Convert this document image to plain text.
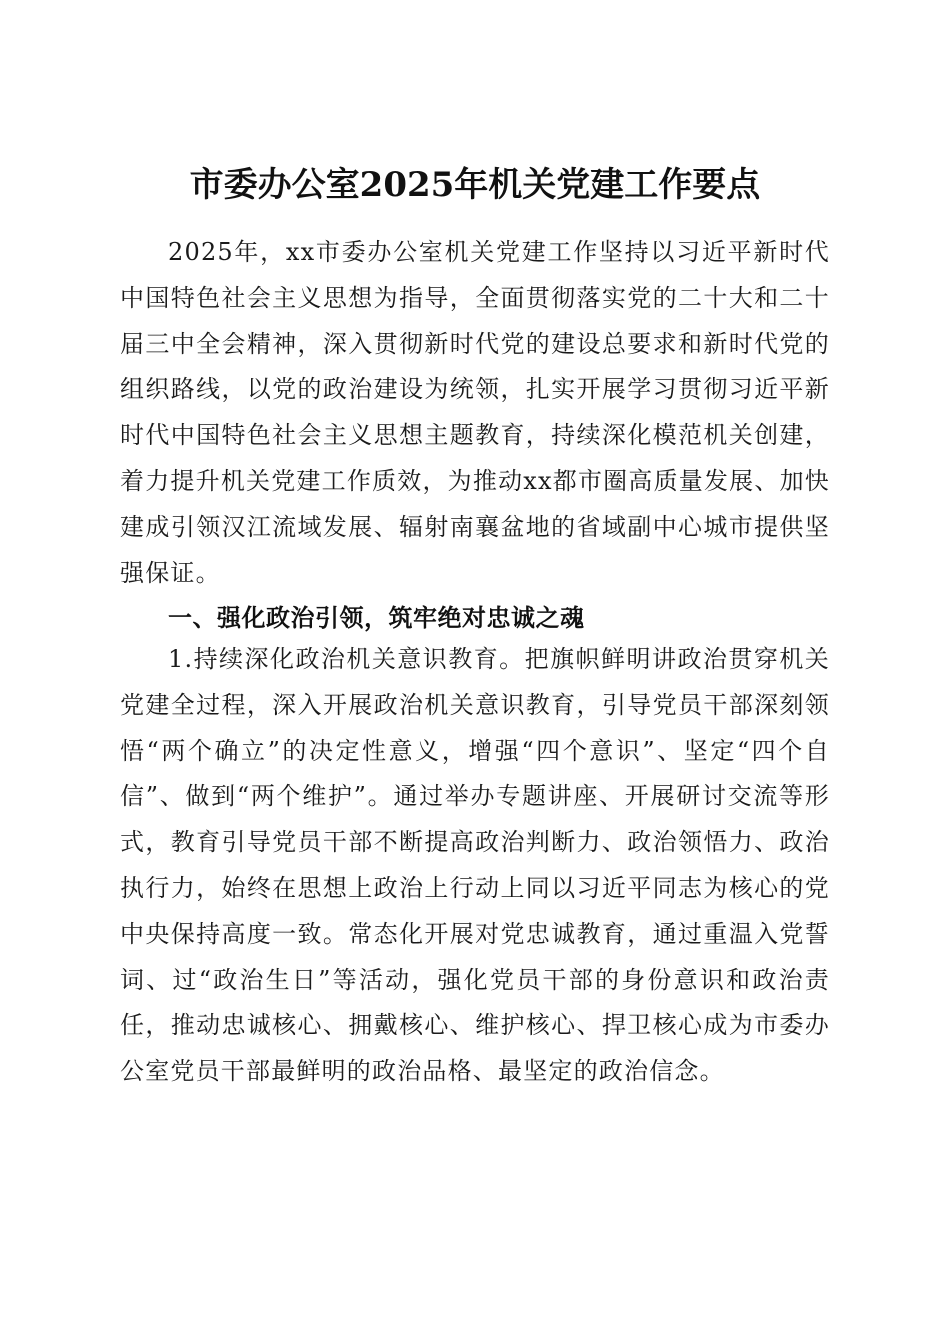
市委办公室2025年机关党建工作要点

2025年，xx市委办公室机关党建工作坚持以习近平新时代中国特色社会主义思想为指导，全面贯彻落实党的二十大和二十届三中全会精神，深入贯彻新时代党的建设总要求和新时代党的组织路线，以党的政治建设为统领，扎实开展学习贯彻习近平新时代中国特色社会主义思想主题教育，持续深化模范机关创建，着力提升机关党建工作质效，为推动xx都市圈高质量发展、加快建成引领汉江流域发展、辐射南襄盆地的省域副中心城市提供坚强保证。

一、强化政治引领，筑牢绝对忠诚之魂

1.持续深化政治机关意识教育。把旗帜鲜明讲政治贯穿机关党建全过程，深入开展政治机关意识教育，引导党员干部深刻领悟“两个确立”的决定性意义，增强“四个意识”、坚定“四个自信”、做到“两个维护”。通过举办专题讲座、开展研讨交流等形式，教育引导党员干部不断提高政治判断力、政治领悟力、政治执行力，始终在思想上政治上行动上同以习近平同志为核心的党中央保持高度一致。常态化开展对党忠诚教育，通过重温入党誓词、过“政治生日”等活动，强化党员干部的身份意识和政治责任，推动忠诚核心、拥戴核心、维护核心、捍卫核心成为市委办公室党员干部最鲜明的政治品格、最坚定的政治信念。
